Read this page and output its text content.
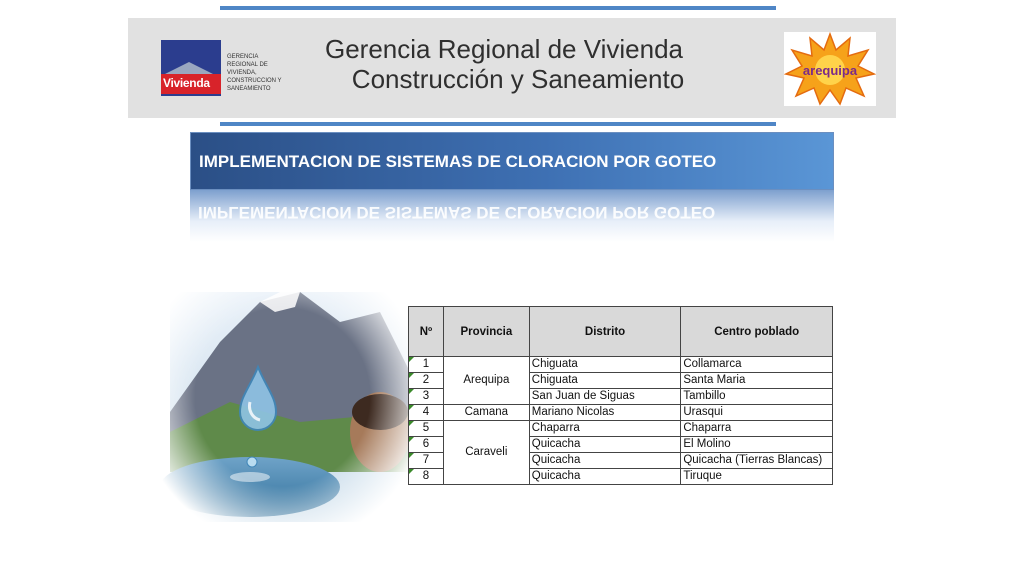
Vivienda
GERENCIA REGIONAL DE VIVIENDA, CONSTRUCCION Y SANEAMIENTO
Gerencia Regional de Vivienda
Construcción y Saneamiento	arequipa
IMPLEMENTACION DE SISTEMAS DE CLORACION POR GOTEO
IMPLEMENTACION DE SISTEMAS DE CLORACION POR GOTEO
Nº	Provincia	Distrito	Centro poblado
1	Arequipa	Chiguata	Collamarca
2		Chiguata	Santa Maria
3		San Juan de Siguas	Tambillo
4	Camana	Mariano Nicolas	Urasqui
5	Caraveli	Chaparra	Chaparra
6		Quicacha	El Molino
7		Quicacha	Quicacha (Tierras Blancas)
8		Quicacha	Tiruque
